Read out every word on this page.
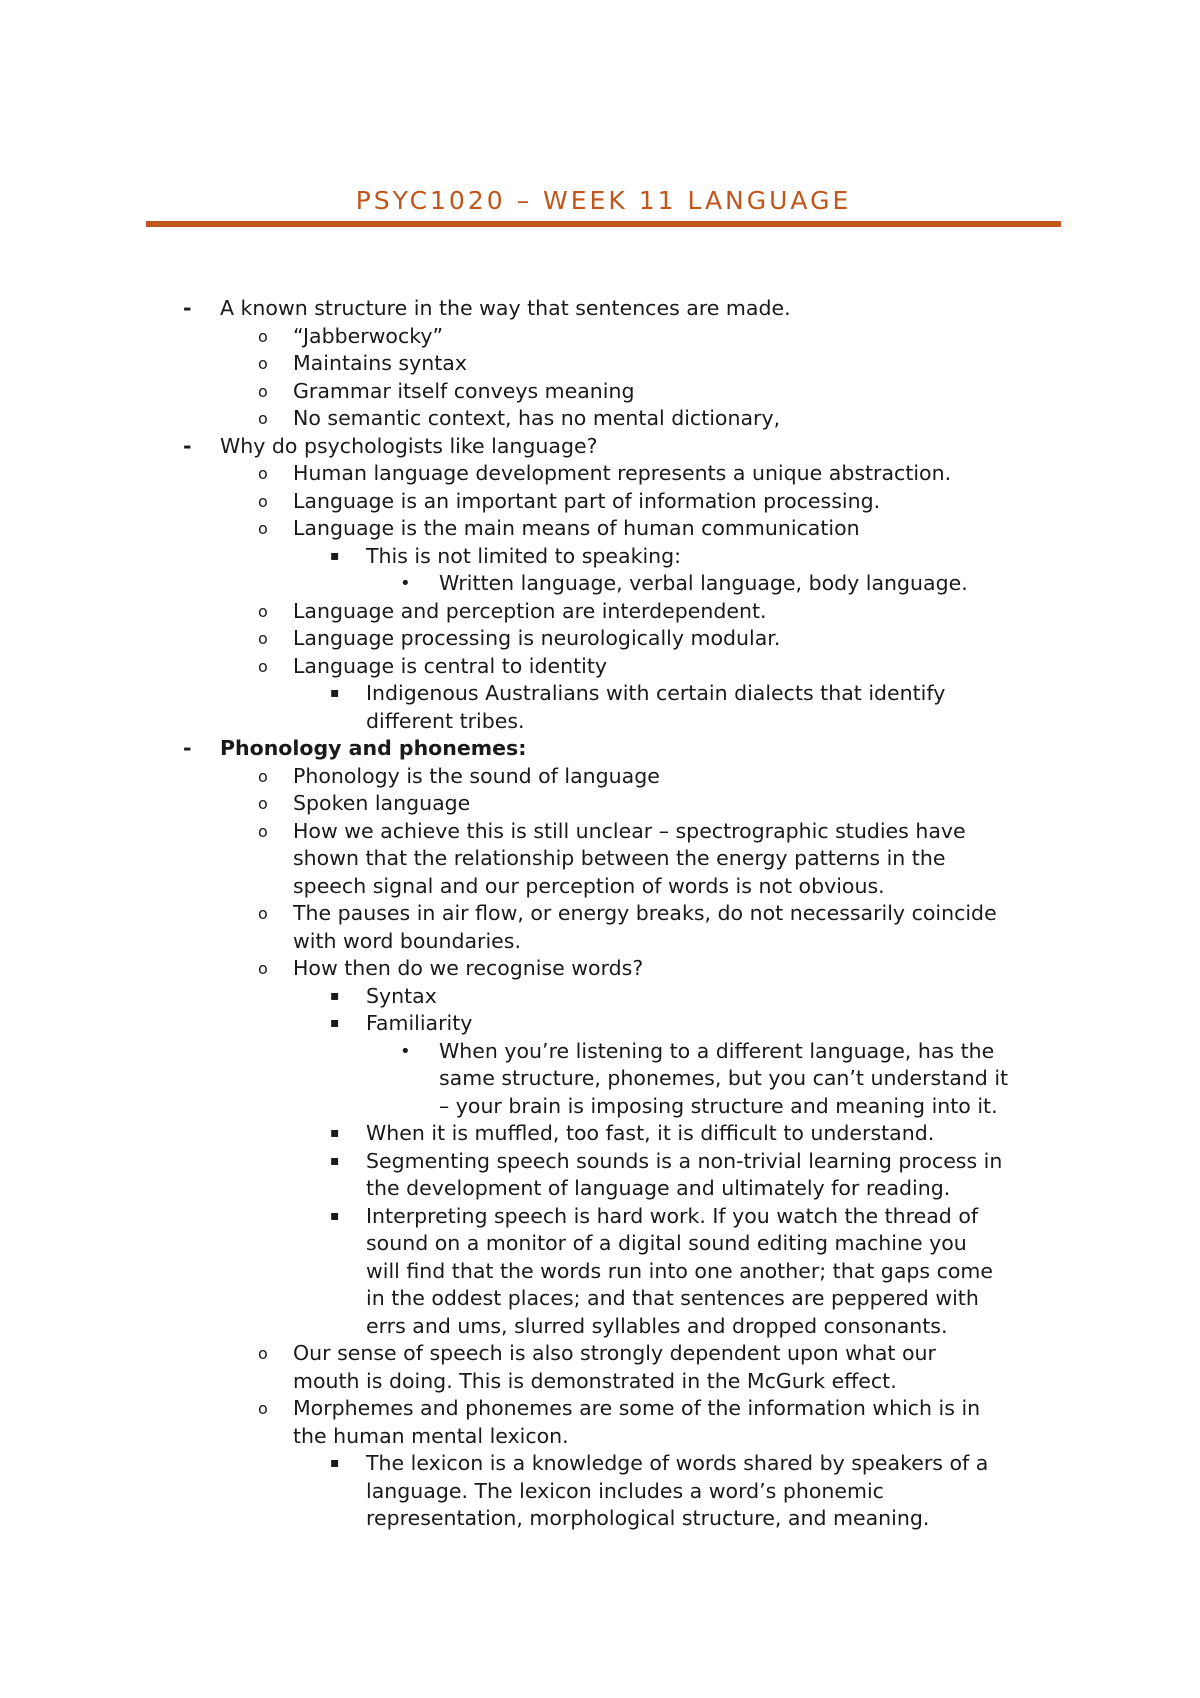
PSYC1020 – WEEK 11 LANGUAGE
- A known structure in the way that sentences are made.
o “Jabberwocky”
o Maintains syntax
o Grammar itself conveys meaning
o No semantic context, has no mental dictionary,
- Why do psychologists like language?
o Human language development represents a unique abstraction.
o Language is an important part of information processing.
o Language is the main means of human communication
▪ This is not limited to speaking:
• Written language, verbal language, body language.
o Language and perception are interdependent.
o Language processing is neurologically modular.
o Language is central to identity
▪ Indigenous Australians with certain dialects that identify
different tribes.
- Phonology and phonemes:
o Phonology is the sound of language
o Spoken language
o How we achieve this is still unclear – spectrographic studies have
shown that the relationship between the energy patterns in the
speech signal and our perception of words is not obvious.
o The pauses in air flow, or energy breaks, do not necessarily coincide
with word boundaries.
o How then do we recognise words?
▪ Syntax
▪ Familiarity
• When you’re listening to a different language, has the
same structure, phonemes, but you can’t understand it
– your brain is imposing structure and meaning into it.
▪ When it is muffled, too fast, it is difficult to understand.
▪ Segmenting speech sounds is a non-trivial learning process in
the development of language and ultimately for reading.
▪ Interpreting speech is hard work. If you watch the thread of
sound on a monitor of a digital sound editing machine you
will find that the words run into one another; that gaps come
in the oddest places; and that sentences are peppered with
errs and ums, slurred syllables and dropped consonants.
o Our sense of speech is also strongly dependent upon what our
mouth is doing. This is demonstrated in the McGurk effect.
o Morphemes and phonemes are some of the information which is in
the human mental lexicon.
▪ The lexicon is a knowledge of words shared by speakers of a
language. The lexicon includes a word’s phonemic
representation, morphological structure, and meaning.
